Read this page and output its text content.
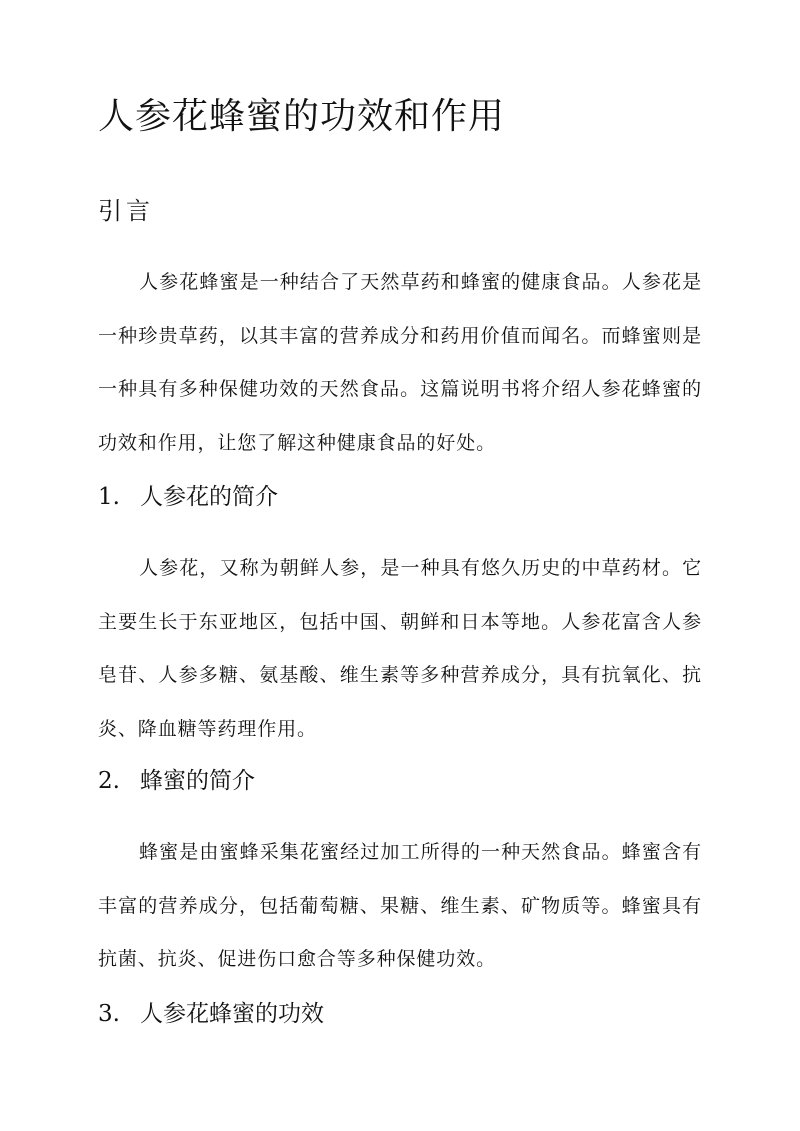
人参花蜂蜜的功效和作用
引言

人参花蜂蜜是一种结合了天然草药和蜂蜜的健康食品。人参花是一种珍贵草药，以其丰富的营养成分和药用价值而闻名。而蜂蜜则是一种具有多种保健功效的天然食品。这篇说明书将介绍人参花蜂蜜的功效和作用，让您了解这种健康食品的好处。

1. 人参花的简介

人参花，又称为朝鲜人参，是一种具有悠久历史的中草药材。它主要生长于东亚地区，包括中国、朝鲜和日本等地。人参花富含人参皂苷、人参多糖、氨基酸、维生素等多种营养成分，具有抗氧化、抗炎、降血糖等药理作用。

2. 蜂蜜的简介

蜂蜜是由蜜蜂采集花蜜经过加工所得的一种天然食品。蜂蜜含有丰富的营养成分，包括葡萄糖、果糖、维生素、矿物质等。蜂蜜具有抗菌、抗炎、促进伤口愈合等多种保健功效。

3. 人参花蜂蜜的功效
